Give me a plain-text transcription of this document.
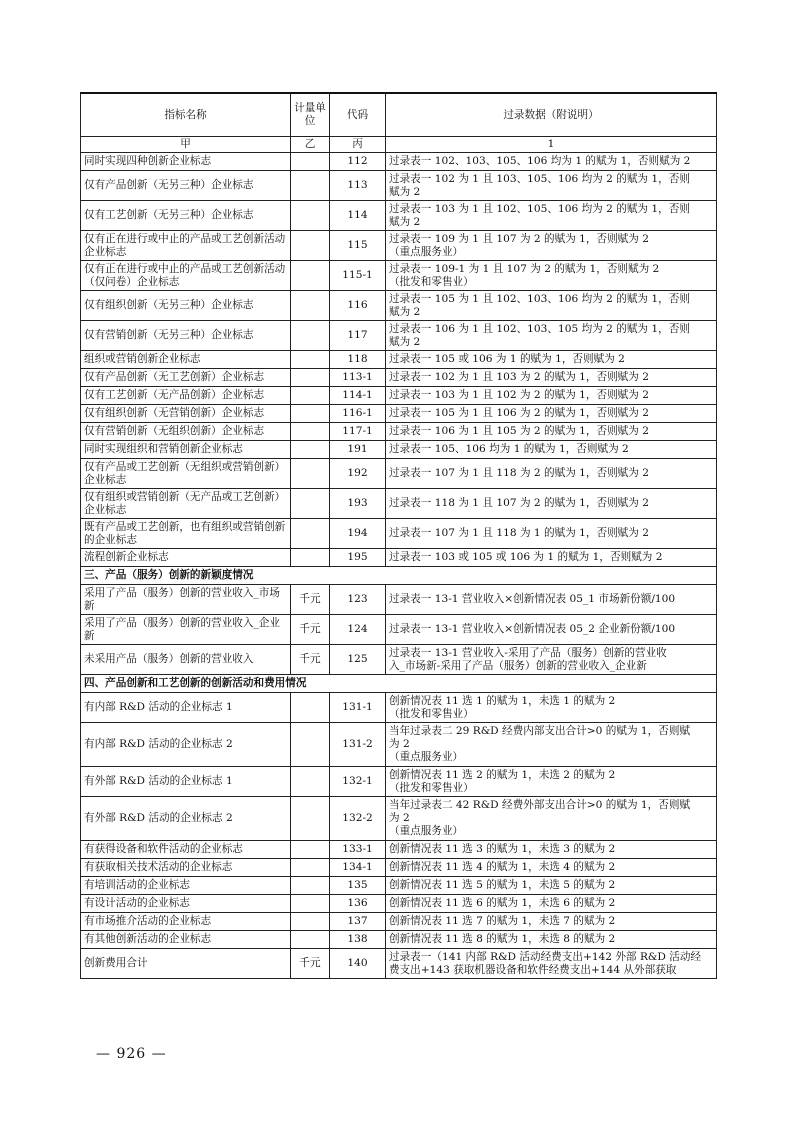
指标名称	计量单位	代码	过录数据（附说明）
甲	乙	丙	1
同时实现四种创新企业标志		112	过录表一 102、103、105、106 均为 1 的赋为 1，否则赋为 2

仅有产品创新（无另三种）企业标志		113	过录表一 102 为 1 且 103、105、106 均为 2 的赋为 1，否则
赋为 2

仅有工艺创新（无另三种）企业标志		114	过录表一 103 为 1 且 102、105、106 均为 2 的赋为 1，否则
赋为 2

仅有正在进行或中止的产品或工艺创新活动企业标志		115	过录表一 109 为 1 且 107 为 2 的赋为 1，否则赋为 2
（重点服务业）

仅有正在进行或中止的产品或工艺创新活动（仅问卷）企业标志		115-1	过录表一 109-1 为 1 且 107 为 2 的赋为 1，否则赋为 2
（批发和零售业）

仅有组织创新（无另三种）企业标志		116	过录表一 105 为 1 且 102、103、106 均为 2 的赋为 1，否则
赋为 2

仅有营销创新（无另三种）企业标志		117	过录表一 106 为 1 且 102、103、105 均为 2 的赋为 1，否则
赋为 2

组织或营销创新企业标志		118	过录表一 105 或 106 为 1 的赋为 1，否则赋为 2

仅有产品创新（无工艺创新）企业标志		113-1	过录表一 102 为 1 且 103 为 2 的赋为 1，否则赋为 2

仅有工艺创新（无产品创新）企业标志		114-1	过录表一 103 为 1 且 102 为 2 的赋为 1，否则赋为 2

仅有组织创新（无营销创新）企业标志		116-1	过录表一 105 为 1 且 106 为 2 的赋为 1，否则赋为 2

仅有营销创新（无组织创新）企业标志		117-1	过录表一 106 为 1 且 105 为 2 的赋为 1，否则赋为 2

同时实现组织和营销创新企业标志		191	过录表一 105、106 均为 1 的赋为 1，否则赋为 2

仅有产品或工艺创新（无组织或营销创新）企业标志		192	过录表一 107 为 1 且 118 为 2 的赋为 1，否则赋为 2

仅有组织或营销创新（无产品或工艺创新）企业标志		193	过录表一 118 为 1 且 107 为 2 的赋为 1，否则赋为 2

既有产品或工艺创新，也有组织或营销创新的企业标志		194	过录表一 107 为 1 且 118 为 1 的赋为 1，否则赋为 2

流程创新企业标志		195	过录表一 103 或 105 或 106 为 1 的赋为 1，否则赋为 2

三、产品（服务）创新的新颖度情况			
采用了产品（服务）创新的营业收入_市场新	千元	123	过录表一 13-1 营业收入×创新情况表 05_1 市场新份额/100

采用了产品（服务）创新的营业收入_企业新	千元	124	过录表一 13-1 营业收入×创新情况表 05_2 企业新份额/100

未采用产品（服务）创新的营业收入	千元	125	过录表一 13-1 营业收入-采用了产品（服务）创新的营业收
入_市场新-采用了产品（服务）创新的营业收入_企业新

四、产品创新和工艺创新的创新活动和费用情况			
有内部 R&D 活动的企业标志 1		131-1	创新情况表 11 选 1 的赋为 1，未选 1 的赋为 2
（批发和零售业）

有内部 R&D 活动的企业标志 2		131-2	当年过录表二 29 R&D 经费内部支出合计>0 的赋为 1，否则赋
为 2
（重点服务业）

有外部 R&D 活动的企业标志 1		132-1	创新情况表 11 选 2 的赋为 1，未选 2 的赋为 2
（批发和零售业）

有外部 R&D 活动的企业标志 2		132-2	当年过录表二 42 R&D 经费外部支出合计>0 的赋为 1，否则赋
为 2
（重点服务业）

有获得设备和软件活动的企业标志		133-1	创新情况表 11 选 3 的赋为 1，未选 3 的赋为 2

有获取相关技术活动的企业标志		134-1	创新情况表 11 选 4 的赋为 1，未选 4 的赋为 2

有培训活动的企业标志		135	创新情况表 11 选 5 的赋为 1，未选 5 的赋为 2

有设计活动的企业标志		136	创新情况表 11 选 6 的赋为 1，未选 6 的赋为 2

有市场推介活动的企业标志		137	创新情况表 11 选 7 的赋为 1，未选 7 的赋为 2

有其他创新活动的企业标志		138	创新情况表 11 选 8 的赋为 1，未选 8 的赋为 2

创新费用合计	千元	140	过录表一（141 内部 R&D 活动经费支出+142 外部 R&D 活动经
费支出+143 获取机器设备和软件经费支出+144 从外部获取
— 926 —
